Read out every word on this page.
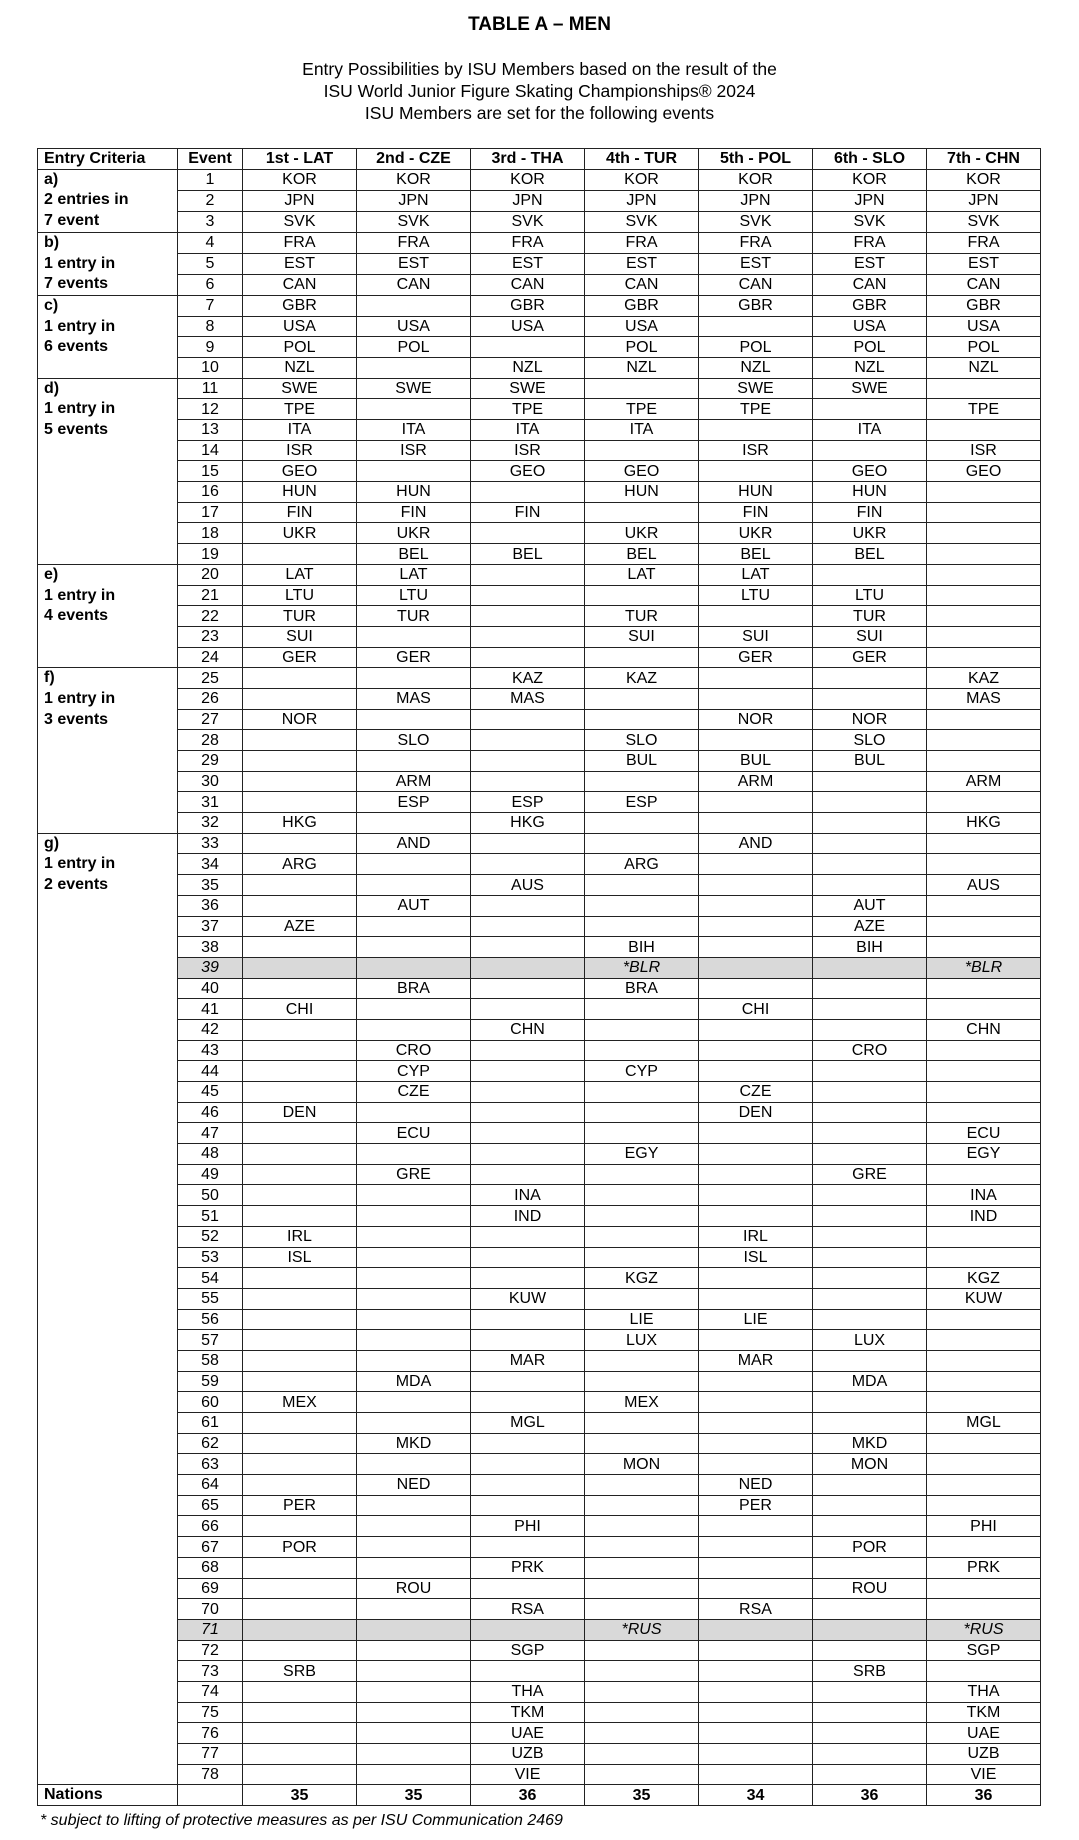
TABLE A – MEN
Entry Possibilities by ISU Members based on the result of the
ISU World Junior Figure Skating Championships® 2024
ISU Members are set for the following events
Entry Criteria	Event	1st - LAT	2nd - CZE	3rd - THA	4th - TUR	5th - POL	6th - SLO	7th - CHN

a)
2 entries in
7 event	1	KOR	KOR	KOR	KOR	KOR	KOR	KOR
	2	JPN	JPN	JPN	JPN	JPN	JPN	JPN
	3	SVK	SVK	SVK	SVK	SVK	SVK	SVK

b)
1 entry in
7 events	4	FRA	FRA	FRA	FRA	FRA	FRA	FRA
	5	EST	EST	EST	EST	EST	EST	EST
	6	CAN	CAN	CAN	CAN	CAN	CAN	CAN

c)
1 entry in
6 events	7	GBR		GBR	GBR	GBR	GBR	GBR
	8	USA	USA	USA	USA		USA	USA
	9	POL	POL		POL	POL	POL	POL
	10	NZL		NZL	NZL	NZL	NZL	NZL

d)
1 entry in
5 events	11	SWE	SWE	SWE		SWE	SWE	
	12	TPE		TPE	TPE	TPE		TPE
	13	ITA	ITA	ITA	ITA		ITA	
	14	ISR	ISR	ISR		ISR		ISR
	15	GEO		GEO	GEO		GEO	GEO
	16	HUN	HUN		HUN	HUN	HUN	
	17	FIN	FIN	FIN		FIN	FIN	
	18	UKR	UKR		UKR	UKR	UKR	
	19		BEL	BEL	BEL	BEL	BEL	

e)
1 entry in
4 events	20	LAT	LAT		LAT	LAT		
	21	LTU	LTU			LTU	LTU	
	22	TUR	TUR		TUR		TUR	
	23	SUI			SUI	SUI	SUI	
	24	GER	GER			GER	GER	

f)
1 entry in
3 events	25			KAZ	KAZ			KAZ
	26		MAS	MAS				MAS
	27	NOR				NOR	NOR	
	28		SLO		SLO		SLO	
	29				BUL	BUL	BUL	
	30		ARM			ARM		ARM
	31		ESP	ESP	ESP			
	32	HKG		HKG				HKG

g)
1 entry in
2 events	33		AND			AND		
	34	ARG			ARG			
	35			AUS				AUS
	36		AUT				AUT	
	37	AZE					AZE	
	38				BIH		BIH	
	39				*BLR			*BLR
	40		BRA		BRA			
	41	CHI				CHI		
	42			CHN				CHN
	43		CRO				CRO	
	44		CYP		CYP			
	45		CZE			CZE		
	46	DEN				DEN		
	47		ECU					ECU
	48				EGY			EGY
	49		GRE				GRE	
	50			INA				INA
	51			IND				IND
	52	IRL				IRL		
	53	ISL				ISL		
	54				KGZ			KGZ
	55			KUW				KUW
	56				LIE	LIE		
	57				LUX		LUX	
	58			MAR		MAR		
	59		MDA				MDA	
	60	MEX			MEX			
	61			MGL				MGL
	62		MKD				MKD	
	63				MON		MON	
	64		NED			NED		
	65	PER				PER		
	66			PHI				PHI
	67	POR					POR	
	68			PRK				PRK
	69		ROU				ROU	
	70			RSA		RSA		
	71				*RUS			*RUS
	72			SGP				SGP
	73	SRB					SRB	
	74			THA				THA
	75			TKM				TKM
	76			UAE				UAE
	77			UZB				UZB
	78			VIE				VIE
Nations		35	35	36	35	34	36	36
* subject to lifting of protective measures as per ISU Communication 2469
